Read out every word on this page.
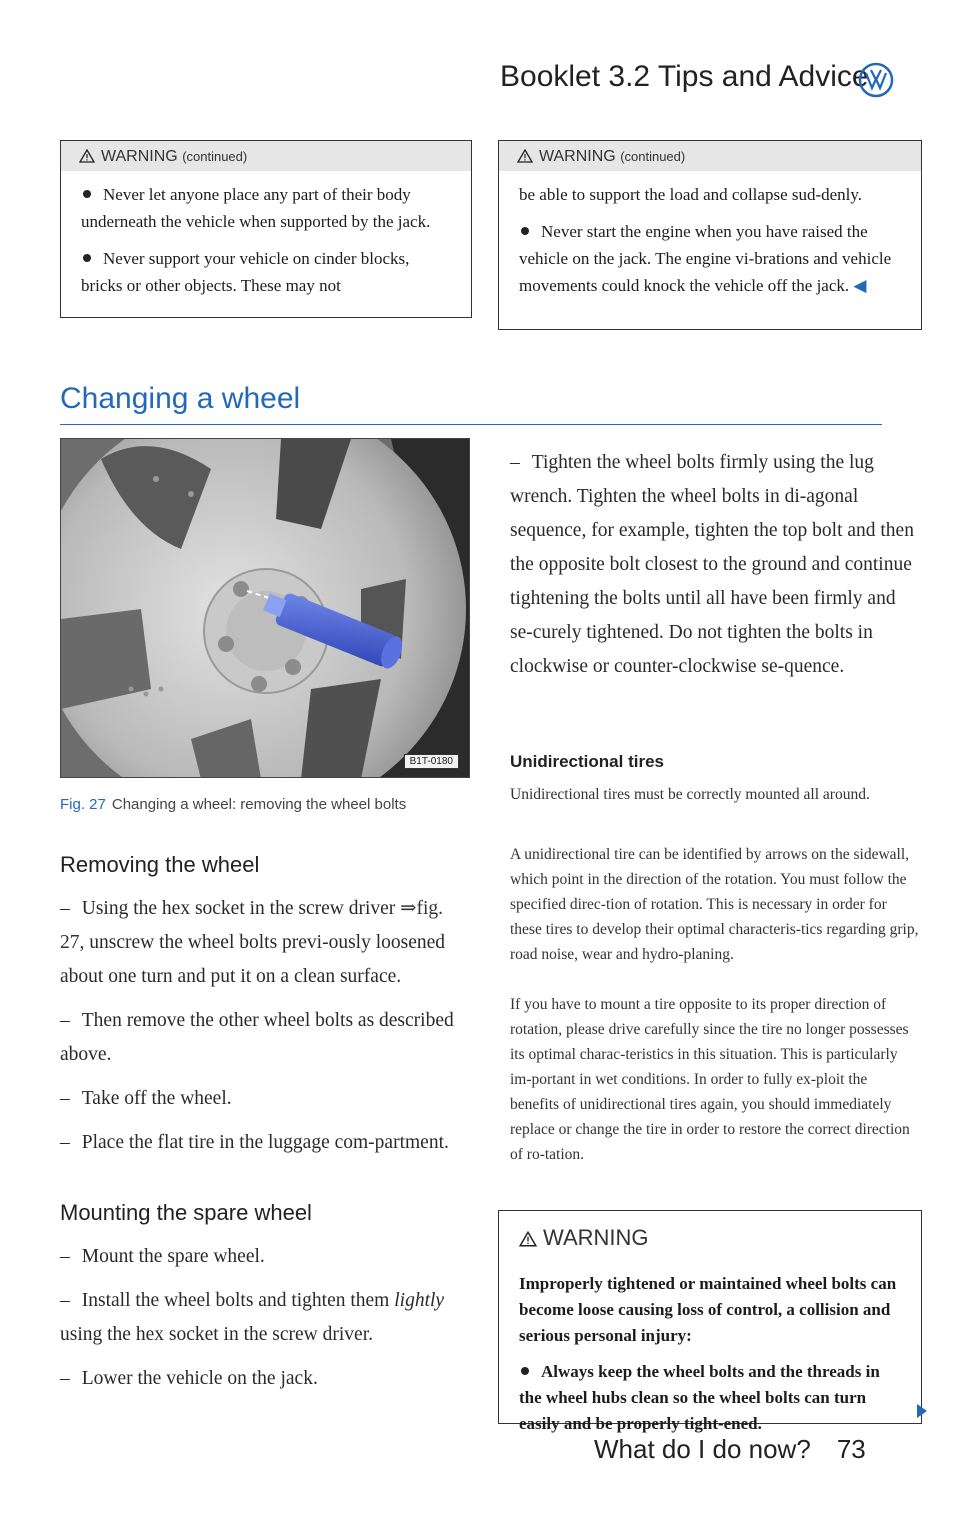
Booklet 3.2 Tips and Advice
WARNING (continued)

Never let anyone place any part of their body underneath the vehicle when supported by the jack.

Never support your vehicle on cinder blocks, bricks or other objects. These may not

WARNING (continued)

be able to support the load and collapse sud-denly.

Never start the engine when you have raised the vehicle on the jack. The engine vi-brations and vehicle movements could knock the vehicle off the jack. ◀

Changing a wheel
B1T-0180
Fig. 27 Changing a wheel: removing the wheel bolts
Removing the wheel
– Using the hex socket in the screw driver ⇒fig. 27, unscrew the wheel bolts previ-ously loosened about one turn and put it on a clean surface.
– Then remove the other wheel bolts as described above.
– Take off the wheel.
– Place the flat tire in the luggage com-partment.
Mounting the spare wheel
– Mount the spare wheel.
– Install the wheel bolts and tighten them lightly using the hex socket in the screw driver.
– Lower the vehicle on the jack.
– Tighten the wheel bolts firmly using the lug wrench. Tighten the wheel bolts in di-agonal sequence, for example, tighten the top bolt and then the opposite bolt closest to the ground and continue tightening the bolts until all have been firmly and se-curely tightened. Do not tighten the bolts in clockwise or counter-clockwise se-quence.
Unidirectional tires
Unidirectional tires must be correctly mounted all around.
A unidirectional tire can be identified by arrows on the sidewall, which point in the direction of the rotation. You must follow the specified direc-tion of rotation. This is necessary in order for these tires to develop their optimal characteris-tics regarding grip, road noise, wear and hydro-planing.
If you have to mount a tire opposite to its proper direction of rotation, please drive carefully since the tire no longer possesses its optimal charac-teristics in this situation. This is particularly im-portant in wet conditions. In order to fully ex-ploit the benefits of unidirectional tires again, you should immediately replace or change the tire in order to restore the correct direction of ro-tation.
WARNING

Improperly tightened or maintained wheel bolts can become loose causing loss of control, a collision and serious personal injury:

Always keep the wheel bolts and the threads in the wheel hubs clean so the wheel bolts can turn easily and be properly tight-ened.

What do I do now? 73
